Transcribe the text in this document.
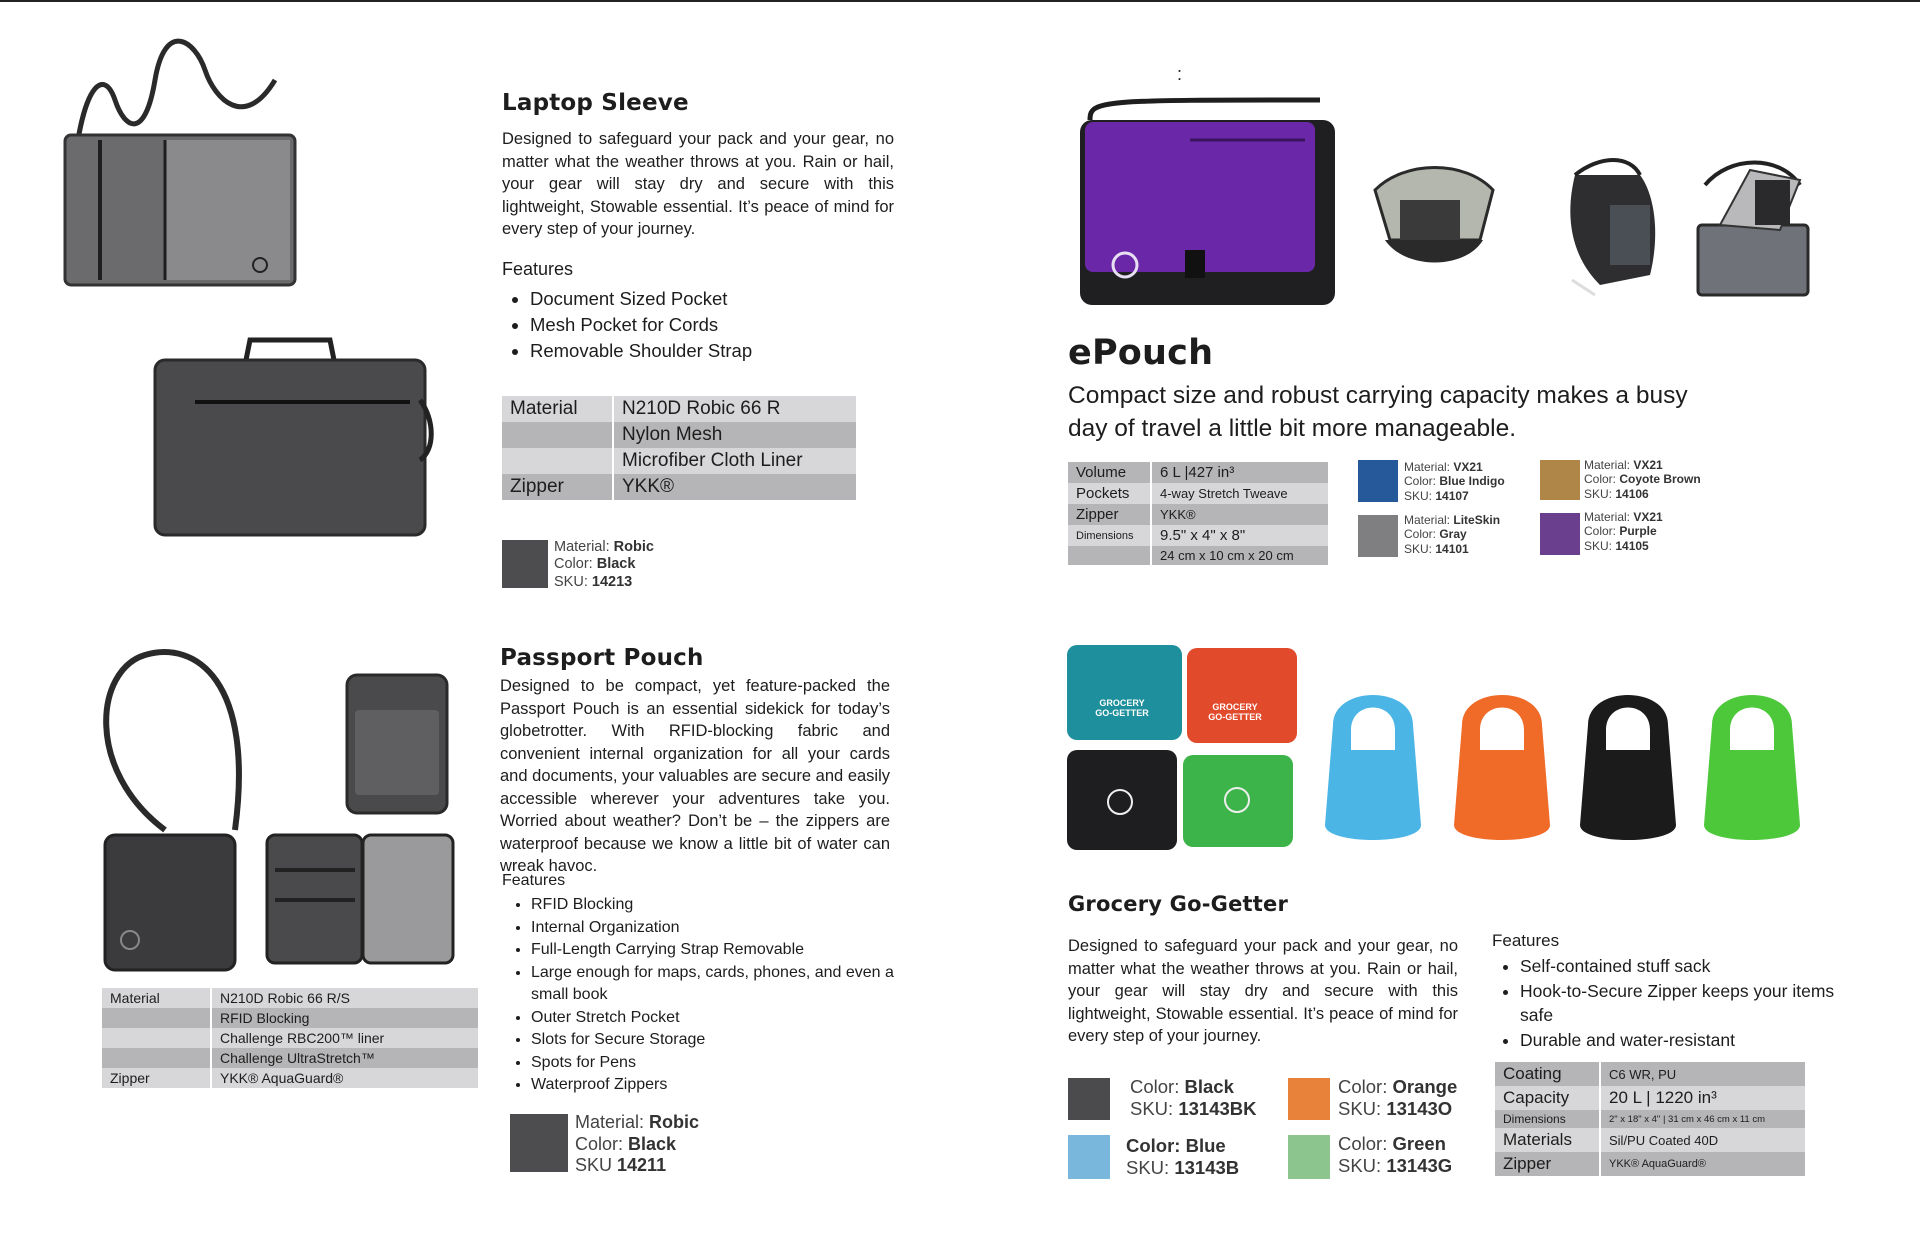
Laptop Sleeve
Designed to safeguard your pack and your gear, no matter what the weather throws at you. Rain or hail, your gear will stay dry and secure with this lightweight, Stowable essential. It’s peace of mind for every step of your journey.
Features
• Document Sized Pocket
• Mesh Pocket for Cords
• Removable Shoulder Strap
Material	N210D Robic 66 R
	Nylon Mesh
	Microfiber Cloth Liner
Zipper	YKK®
Material: Robic
Color: Black
SKU: 14213
Passport Pouch
Designed to be compact, yet feature-packed the Passport Pouch is an essential sidekick for today’s globetrotter. With RFID-blocking fabric and convenient internal organization for all your cards and documents, your valuables are secure and easily accessible wherever your adventures take you. Worried about weather? Don’t be – the zippers are waterproof because we know a little bit of water can wreak havoc.
Features
• RFID Blocking
• Internal Organization
• Full-Length Carrying Strap Removable
• Large enough for maps, cards, phones, and even a small book
• Outer Stretch Pocket
• Slots for Secure Storage
• Spots for Pens
• Waterproof Zippers
Material	N210D Robic 66 R/S
	RFID Blocking
	Challenge RBC200™ liner
	Challenge UltraStretch™
Zipper	YKK® AquaGuard®
Material: Robic
Color: Black
SKU 14211
:
ePouch
Compact size and robust carrying capacity makes a busy day of travel a little bit more manageable.
Volume	6 L |427 in³
Pockets	4-way Stretch Tweave
Zipper	YKK®
Dimensions	9.5" x 4" x 8"
	24 cm x 10 cm x 20 cm
Material: VX21
Color: Blue Indigo
SKU: 14107
Material: VX21
Color: Coyote Brown
SKU: 14106
Material: LiteSkin
Color: Gray
SKU: 14101
Material: VX21
Color: Purple
SKU: 14105
GROCERY
GO-GETTER
GROCERY
GO-GETTER
Grocery Go-Getter
Designed to safeguard your pack and your gear, no matter what the weather throws at you. Rain or hail, your gear will stay dry and secure with this lightweight, Stowable essential. It’s peace of mind for every step of your journey.
Features
• Self-contained stuff sack
• Hook-to-Secure Zipper keeps your items safe
• Durable and water-resistant
Coating	C6 WR, PU
Capacity	20 L | 1220 in³
Dimensions	2" x 18" x 4" | 31 cm x 46 cm x 11 cm
Materials	Sil/PU Coated 40D
Zipper	YKK® AquaGuard®
Color: Black
SKU: 13143BK
Color: Orange
SKU: 13143O
Color: Blue
SKU: 13143B
Color: Green
SKU: 13143G
